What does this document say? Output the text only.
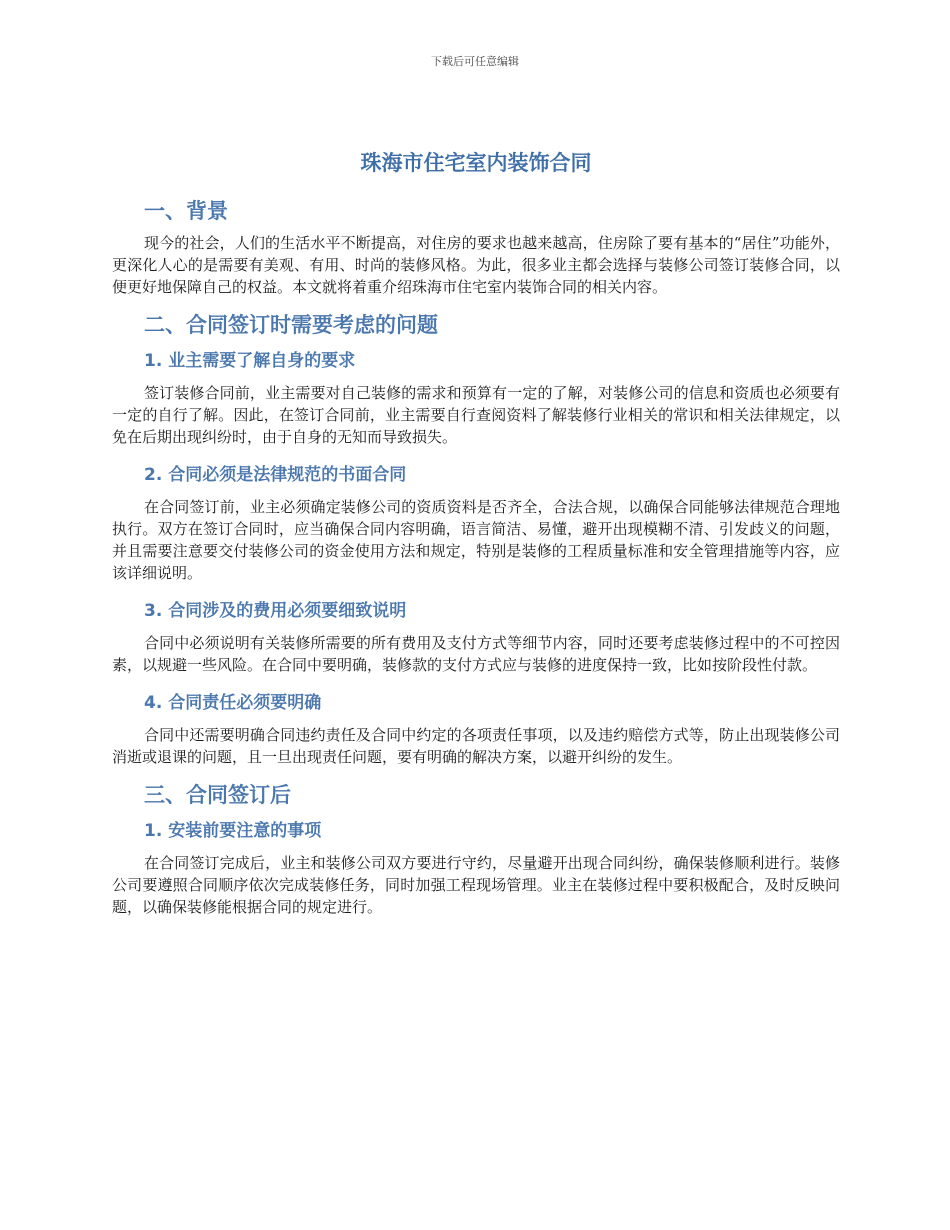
下载后可任意编辑
珠海市住宅室内装饰合同
一、背景

现今的社会，人们的生活水平不断提高，对住房的要求也越来越高，住房除了要有基本的“居住”功能外，更深化人心的是需要有美观、有用、时尚的装修风格。为此，很多业主都会选择与装修公司签订装修合同，以便更好地保障自己的权益。本文就将着重介绍珠海市住宅室内装饰合同的相关内容。

二、合同签订时需要考虑的问题
1. 业主需要了解自身的要求

签订装修合同前，业主需要对自己装修的需求和预算有一定的了解，对装修公司的信息和资质也必须要有一定的自行了解。因此，在签订合同前，业主需要自行查阅资料了解装修行业相关的常识和相关法律规定，以免在后期出现纠纷时，由于自身的无知而导致损失。

2. 合同必须是法律规范的书面合同

在合同签订前，业主必须确定装修公司的资质资料是否齐全，合法合规，以确保合同能够法律规范合理地执行。双方在签订合同时，应当确保合同内容明确，语言简洁、易懂，避开出现模糊不清、引发歧义的问题，并且需要注意要交付装修公司的资金使用方法和规定，特别是装修的工程质量标准和安全管理措施等内容，应该详细说明。

3. 合同涉及的费用必须要细致说明

合同中必须说明有关装修所需要的所有费用及支付方式等细节内容，同时还要考虑装修过程中的不可控因素，以规避一些风险。在合同中要明确，装修款的支付方式应与装修的进度保持一致，比如按阶段性付款。

4. 合同责任必须要明确

合同中还需要明确合同违约责任及合同中约定的各项责任事项，以及违约赔偿方式等，防止出现装修公司消逝或退课的问题，且一旦出现责任问题，要有明确的解决方案，以避开纠纷的发生。

三、合同签订后
1. 安装前要注意的事项

在合同签订完成后，业主和装修公司双方要进行守约，尽量避开出现合同纠纷，确保装修顺利进行。装修公司要遵照合同顺序依次完成装修任务，同时加强工程现场管理。业主在装修过程中要积极配合，及时反映问题，以确保装修能根据合同的规定进行。
